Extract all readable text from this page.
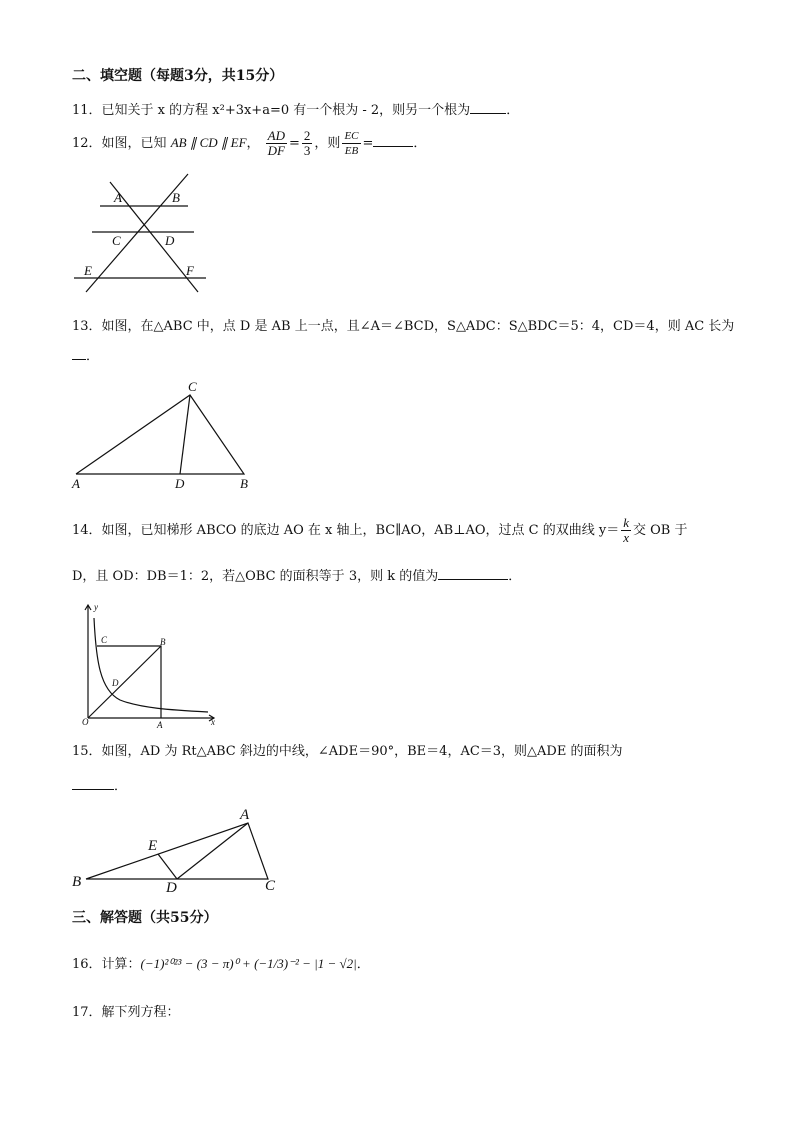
二、填空题（每题3分，共15分）
11．已知关于 x 的方程 x²+3x+a=0 有一个根为 - 2，则另一个根为	．
12．如图，已知 AB ∥ CD ∥ EF， $\frac{AD}{DF} = \frac{2}{3}$ ，则 $\frac{EC}{EB}$ =	．
A	B
C	D
E	F
C
A	D	B
y
x
O	A
B
C
D
A
E
B	D	C
13．如图，在△ABC 中，点 D 是 AB 上一点，且∠A＝∠BCD，S△ADC：S△BDC＝5：4，CD＝4，则 AC 长为
．
14．如图，已知梯形 ABCO 的底边 AO 在 x 轴上，BC∥AO，AB⊥AO，过点 C 的双曲线 $y= \frac{k}{x}$ 交 OB 于
D，且 OD：DB＝1：2，若△OBC 的面积等于 3，则 k 的值为	．
15．如图，AD 为 Rt△ABC 斜边的中线，∠ADE＝90°，BE＝4，AC＝3，则△ADE 的面积为
．
三、解答题（共55分）
16．计算：(−1)²⁰²³ − (3 − π)⁰ + (−1/3)⁻² − |1 − √2|．
17．解下列方程：
